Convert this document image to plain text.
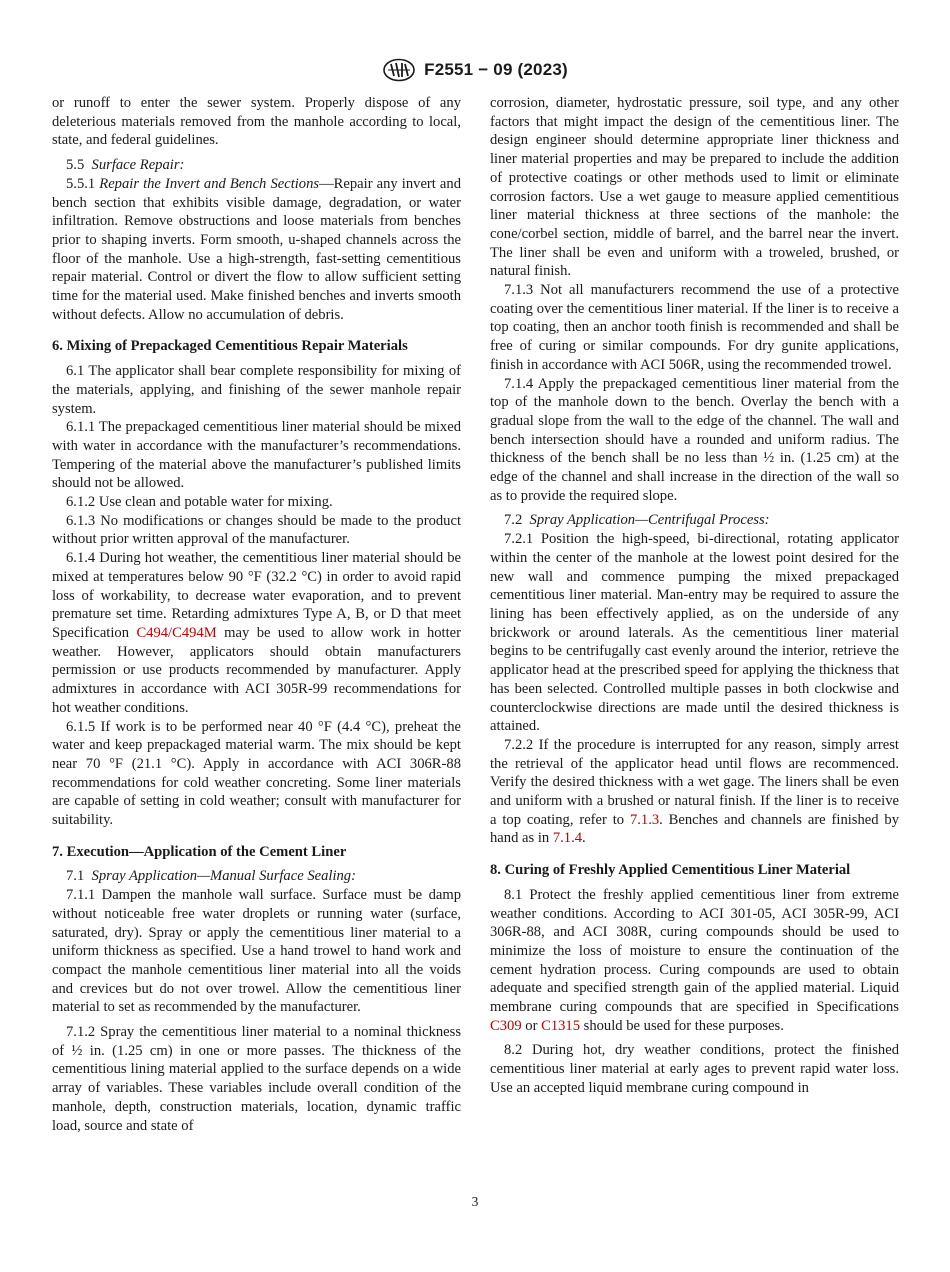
F2551 − 09 (2023)

or runoff to enter the sewer system. Properly dispose of any deleterious materials removed from the manhole according to local, state, and federal guidelines.

5.5 Surface Repair:

5.5.1 Repair the Invert and Bench Sections—Repair any invert and bench section that exhibits visible damage, degradation, or water infiltration. Remove obstructions and loose materials from benches prior to shaping inverts. Form smooth, u-shaped channels across the floor of the manhole. Use a high-strength, fast-setting cementitious repair material. Control or divert the flow to allow sufficient setting time for the material used. Make finished benches and inverts smooth without defects. Allow no accumulation of debris.

6. Mixing of Prepackaged Cementitious Repair Materials

6.1 The applicator shall bear complete responsibility for mixing of the materials, applying, and finishing of the sewer manhole repair system.

6.1.1 The prepackaged cementitious liner material should be mixed with water in accordance with the manufacturer’s recommendations. Tempering of the material above the manufacturer’s published limits should not be allowed.

6.1.2 Use clean and potable water for mixing.

6.1.3 No modifications or changes should be made to the product without prior written approval of the manufacturer.

6.1.4 During hot weather, the cementitious liner material should be mixed at temperatures below 90 °F (32.2 °C) in order to avoid rapid loss of workability, to decrease water evaporation, and to prevent premature set time. Retarding admixtures Type A, B, or D that meet Specification C494/C494M may be used to allow work in hotter weather. However, applicators should obtain manufacturers permission or use products recommended by manufacturer. Apply admixtures in accordance with ACI 305R-99 recommendations for hot weather conditions.

6.1.5 If work is to be performed near 40 °F (4.4 °C), preheat the water and keep prepackaged material warm. The mix should be kept near 70 °F (21.1 °C). Apply in accordance with ACI 306R-88 recommendations for cold weather concreting. Some liner materials are capable of setting in cold weather; consult with manufacturer for suitability.

7. Execution—Application of the Cement Liner

7.1 Spray Application—Manual Surface Sealing:

7.1.1 Dampen the manhole wall surface. Surface must be damp without noticeable free water droplets or running water (surface, saturated, dry). Spray or apply the cementitious liner material to a uniform thickness as specified. Use a hand trowel to hand work and compact the manhole cementitious liner material into all the voids and crevices but do not over trowel. Allow the cementitious liner material to set as recommended by the manufacturer.

7.1.2 Spray the cementitious liner material to a nominal thickness of ½ in. (1.25 cm) in one or more passes. The thickness of the cementitious lining material applied to the surface depends on a wide array of variables. These variables include overall condition of the manhole, depth, construction materials, location, dynamic traffic load, source and state of

corrosion, diameter, hydrostatic pressure, soil type, and any other factors that might impact the design of the cementitious liner. The design engineer should determine appropriate liner thickness and liner material properties and may be prepared to include the addition of protective coatings or other methods used to limit or eliminate corrosion factors. Use a wet gauge to measure applied cementitious liner material thickness at three sections of the manhole: the cone/corbel section, middle of barrel, and the barrel near the invert. The liner shall be even and uniform with a troweled, brushed, or natural finish.

7.1.3 Not all manufacturers recommend the use of a protective coating over the cementitious liner material. If the liner is to receive a top coating, then an anchor tooth finish is recommended and shall be free of curing or similar compounds. For dry gunite applications, finish in accordance with ACI 506R, using the recommended trowel.

7.1.4 Apply the prepackaged cementitious liner material from the top of the manhole down to the bench. Overlay the bench with a gradual slope from the wall to the edge of the channel. The wall and bench intersection should have a rounded and uniform radius. The thickness of the bench shall be no less than ½ in. (1.25 cm) at the edge of the channel and shall increase in the direction of the wall so as to provide the required slope.

7.2 Spray Application—Centrifugal Process:

7.2.1 Position the high-speed, bi-directional, rotating applicator within the center of the manhole at the lowest point desired for the new wall and commence pumping the mixed prepackaged cementitious liner material. Man-entry may be required to assure the lining has been effectively applied, as on the underside of any brickwork or around laterals. As the cementitious liner material begins to be centrifugally cast evenly around the interior, retrieve the applicator head at the prescribed speed for applying the thickness that has been selected. Controlled multiple passes in both clockwise and counterclockwise directions are made until the desired thickness is attained.

7.2.2 If the procedure is interrupted for any reason, simply arrest the retrieval of the applicator head until flows are recommenced. Verify the desired thickness with a wet gage. The liners shall be even and uniform with a brushed or natural finish. If the liner is to receive a top coating, refer to 7.1.3. Benches and channels are finished by hand as in 7.1.4.

8. Curing of Freshly Applied Cementitious Liner Material

8.1 Protect the freshly applied cementitious liner from extreme weather conditions. According to ACI 301-05, ACI 305R-99, ACI 306R-88, and ACI 308R, curing compounds should be used to minimize the loss of moisture to ensure the continuation of the cement hydration process. Curing compounds are used to obtain adequate and specified strength gain of the applied material. Liquid membrane curing compounds that are specified in Specifications C309 or C1315 should be used for these purposes.

8.2 During hot, dry weather conditions, protect the finished cementitious liner material at early ages to prevent rapid water loss. Use an accepted liquid membrane curing compound in

3
